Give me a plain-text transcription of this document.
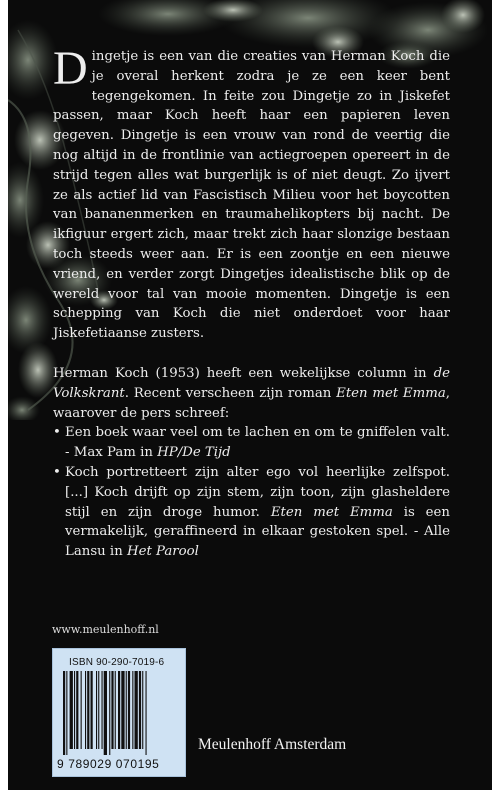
Dingetje is een van die creaties van Herman Koch die je overal herkent zodra je ze een keer bent tegengekomen. In feite zou Dingetje zo in Jiskefet passen, maar Koch heeft haar een papieren leven gegeven. Dingetje is een vrouw van rond de veertig die nog altijd in de frontlinie van actiegroepen opereert in de strijd tegen alles wat burgerlijk is of niet deugt. Zo ijvert ze als actief lid van Fascistisch Milieu voor het boycotten van bananenmerken en traumahelikopters bij nacht. De ikfiguur ergert zich, maar trekt zich haar slonzige bestaan toch steeds weer aan. Er is een zoontje en een nieuwe vriend, en verder zorgt Dingetjes idealistische blik op de wereld voor tal van mooie momenten. Dingetje is een schepping van Koch die niet onderdoet voor haar Jiskefetiaanse zusters.

Herman Koch (1953) heeft een wekelijkse column in de Volkskrant. Recent verscheen zijn roman Eten met Emma, waarover de pers schreef:

• Een boek waar veel om te lachen en om te gniffelen valt. - Max Pam in HP/De Tijd
• Koch portretteert zijn alter ego vol heerlijke zelfspot. [...] Koch drijft op zijn stem, zijn toon, zijn glasheldere stijl en zijn droge humor. Eten met Emma is een vermakelijk, geraffineerd in elkaar gestoken spel. - Alle Lansu in Het Parool
www.meulenhoff.nl
ISBN 90-290-7019-6
9 789029 070195
Meulenhoff Amsterdam
